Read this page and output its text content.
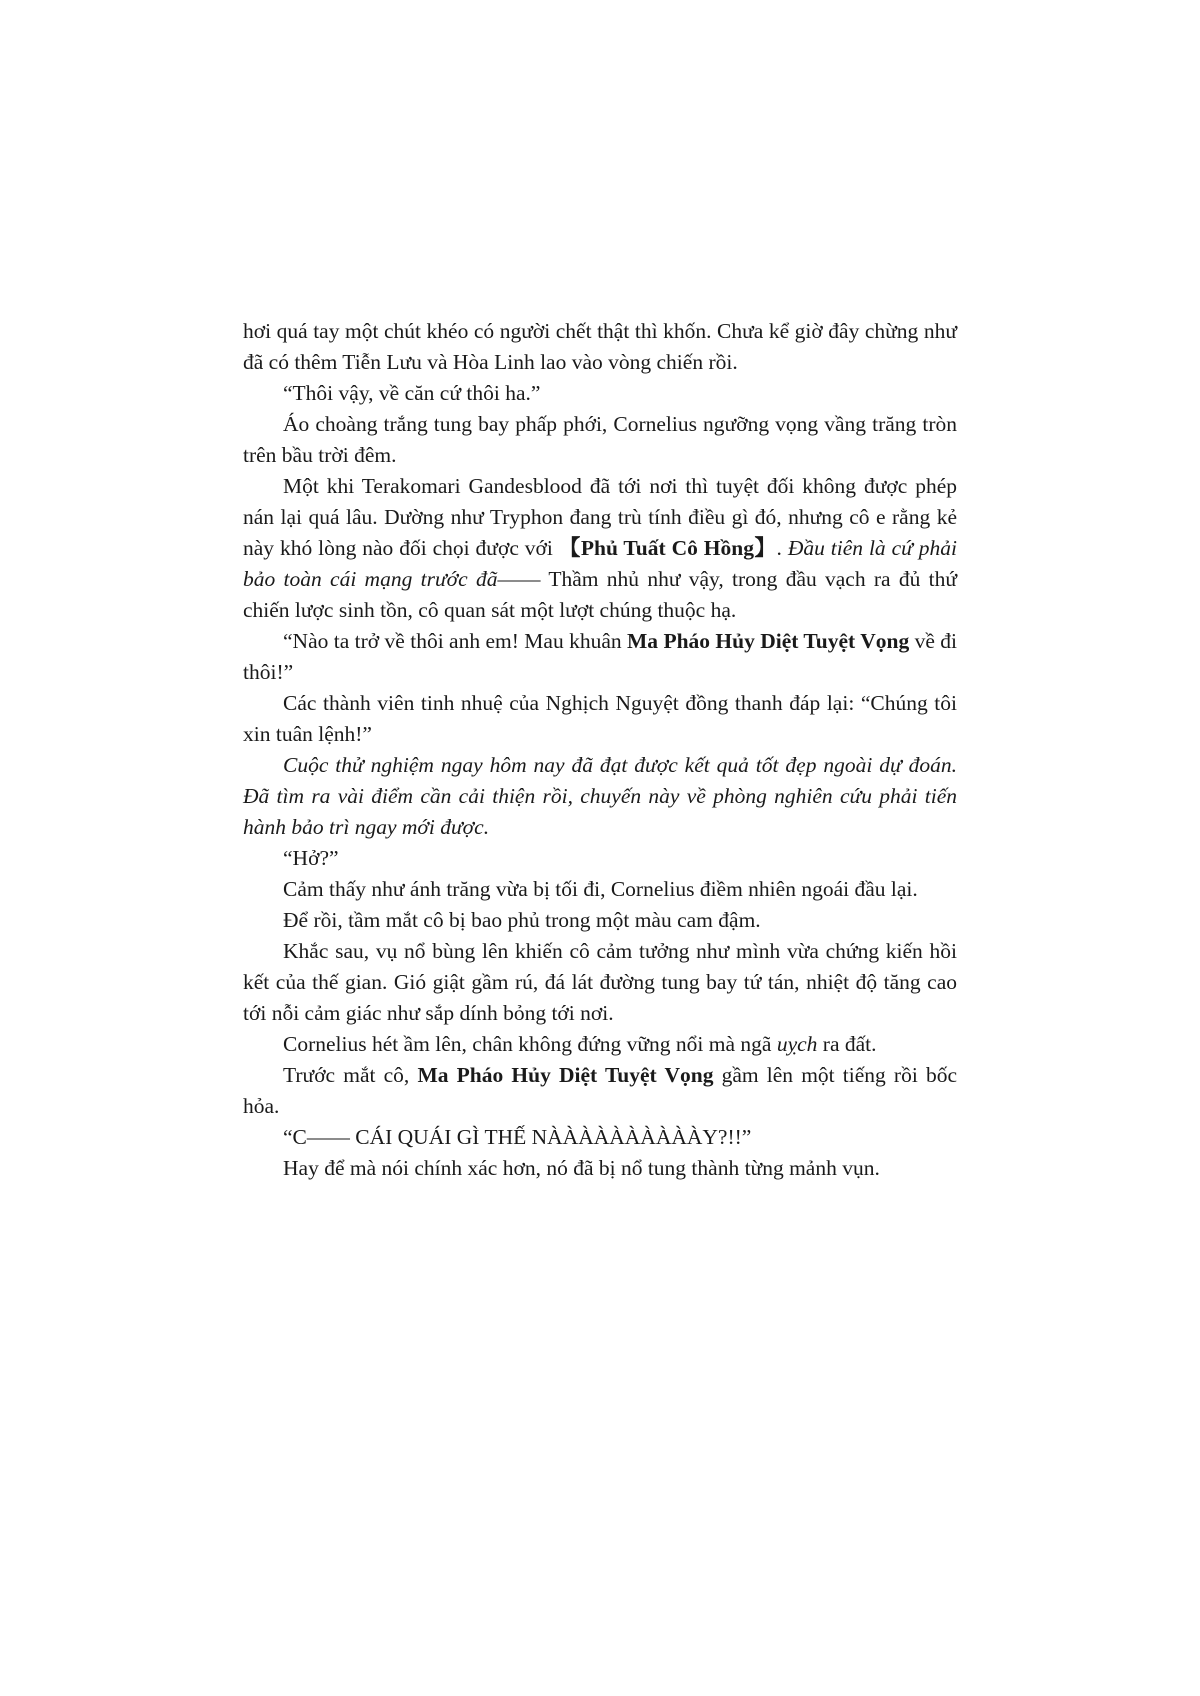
hơi quá tay một chút khéo có người chết thật thì khốn. Chưa kể giờ đây chừng như đã có thêm Tiễn Lưu và Hòa Linh lao vào vòng chiến rồi.

“Thôi vậy, về căn cứ thôi ha.”

Áo choàng trắng tung bay phấp phới, Cornelius ngưỡng vọng vầng trăng tròn trên bầu trời đêm.

Một khi Terakomari Gandesblood đã tới nơi thì tuyệt đối không được phép nán lại quá lâu. Dường như Tryphon đang trù tính điều gì đó, nhưng cô e rằng kẻ này khó lòng nào đối chọi được với 【Phủ Tuất Cô Hồng】. Đầu tiên là cứ phải bảo toàn cái mạng trước đã—— Thầm nhủ như vậy, trong đầu vạch ra đủ thứ chiến lược sinh tồn, cô quan sát một lượt chúng thuộc hạ.

“Nào ta trở về thôi anh em! Mau khuân Ma Pháo Hủy Diệt Tuyệt Vọng về đi thôi!”

Các thành viên tinh nhuệ của Nghịch Nguyệt đồng thanh đáp lại: “Chúng tôi xin tuân lệnh!”

Cuộc thử nghiệm ngay hôm nay đã đạt được kết quả tốt đẹp ngoài dự đoán. Đã tìm ra vài điểm cần cải thiện rồi, chuyến này về phòng nghiên cứu phải tiến hành bảo trì ngay mới được.

“Hở?”

Cảm thấy như ánh trăng vừa bị tối đi, Cornelius điềm nhiên ngoái đầu lại.

Để rồi, tầm mắt cô bị bao phủ trong một màu cam đậm.

Khắc sau, vụ nổ bùng lên khiến cô cảm tưởng như mình vừa chứng kiến hồi kết của thế gian. Gió giật gầm rú, đá lát đường tung bay tứ tán, nhiệt độ tăng cao tới nỗi cảm giác như sắp dính bỏng tới nơi.

Cornelius hét ầm lên, chân không đứng vững nổi mà ngã uỵch ra đất.

Trước mắt cô, Ma Pháo Hủy Diệt Tuyệt Vọng gầm lên một tiếng rồi bốc hỏa.

“C—— CÁI QUÁI GÌ THẾ NÀÀÀÀÀÀÀÀÀÀY?!!”

Hay để mà nói chính xác hơn, nó đã bị nổ tung thành từng mảnh vụn.
